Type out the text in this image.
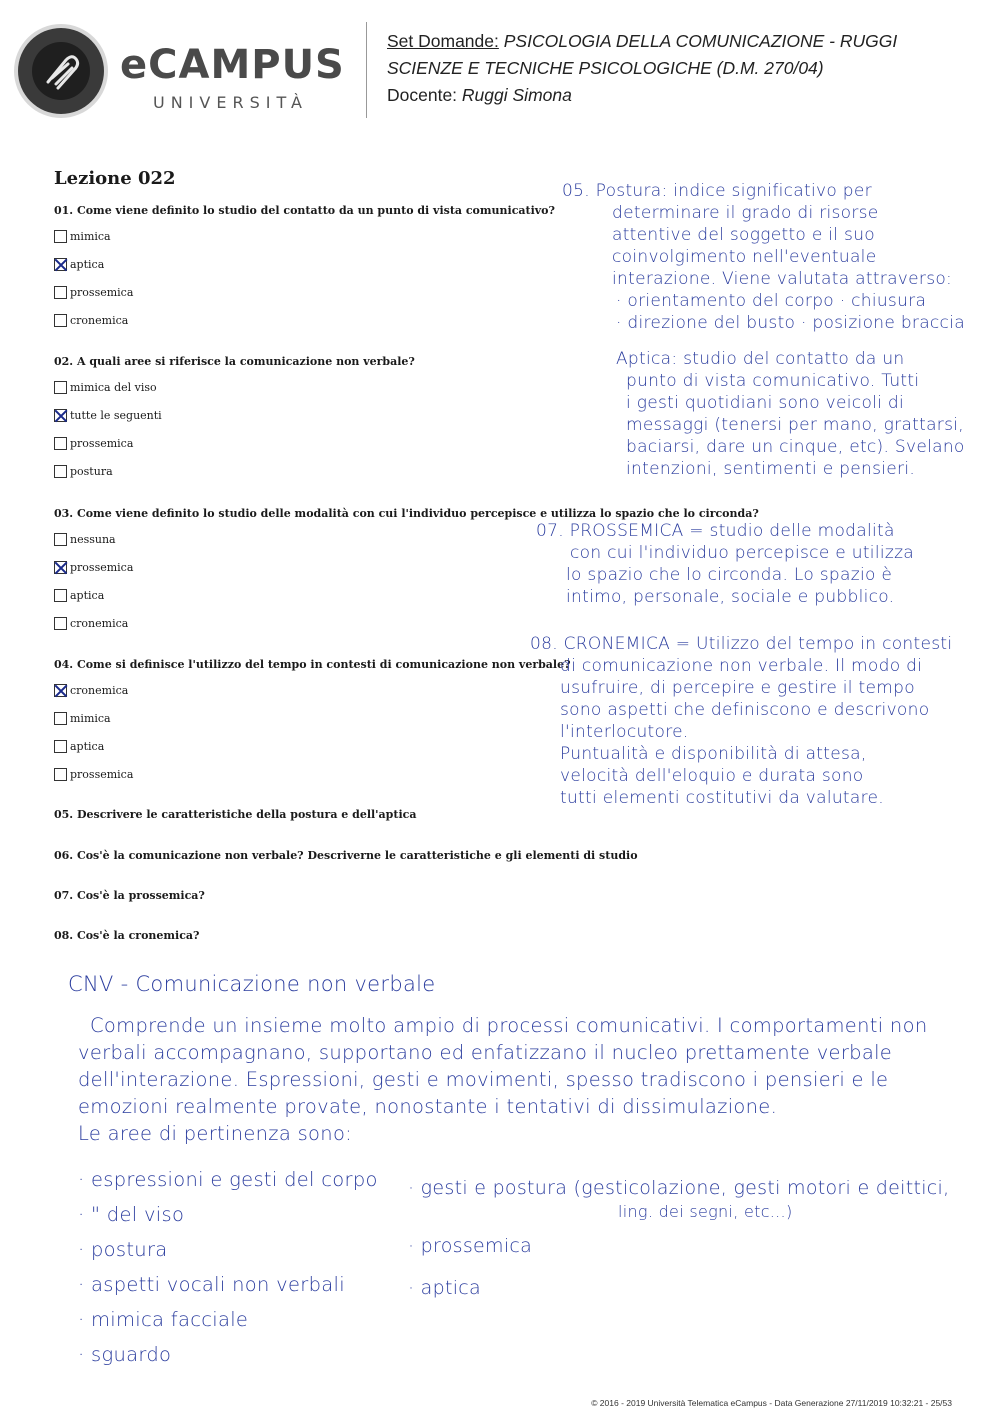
eCAMPUS
UNIVERSITÀ
Set Domande: PSICOLOGIA DELLA COMUNICAZIONE - RUGGI
SCIENZE E TECNICHE PSICOLOGICHE (D.M. 270/04)
Docente: Ruggi Simona
Lezione 022
01. Come viene definito lo studio del contatto da un punto di vista comunicativo?
mimica
aptica
prossemica
cronemica
02. A quali aree si riferisce la comunicazione non verbale?
mimica del viso
tutte le seguenti
prossemica
postura
03. Come viene definito lo studio delle modalità con cui l'individuo percepisce e utilizza lo spazio che lo circonda?
nessuna
prossemica
aptica
cronemica
04. Come si definisce l'utilizzo del tempo in contesti di comunicazione non verbale?
cronemica
mimica
aptica
prossemica
05. Descrivere le caratteristiche della postura e dell'aptica
06. Cos'è la comunicazione non verbale? Descriverne le caratteristiche e gli elementi di studio
07. Cos'è la prossemica?
08. Cos'è la cronemica?
05. Postura: indice significativo per
determinare il grado di risorse
attentive del soggetto e il suo
coinvolgimento nell'eventuale
interazione. Viene valutata attraverso:
· orientamento del corpo · chiusura
· direzione del busto · posizione braccia
Aptica: studio del contatto da un
punto di vista comunicativo. Tutti
i gesti quotidiani sono veicoli di
messaggi (tenersi per mano, grattarsi,
baciarsi, dare un cinque, etc). Svelano
intenzioni, sentimenti e pensieri.
07. PROSSEMICA = studio delle modalità
con cui l'individuo percepisce e utilizza
lo spazio che lo circonda. Lo spazio è
intimo, personale, sociale e pubblico.
08. CRONEMICA = Utilizzo del tempo in contesti
di comunicazione non verbale. Il modo di
usufruire, di percepire e gestire il tempo
sono aspetti che definiscono e descrivono
l'interlocutore.
Puntualità e disponibilità di attesa,
velocità dell'eloquio e durata sono
tutti elementi costitutivi da valutare.
CNV - Comunicazione non verbale
Comprende un insieme molto ampio di processi comunicativi. I comportamenti non
verbali accompagnano, supportano ed enfatizzano il nucleo prettamente verbale
dell'interazione. Espressioni, gesti e movimenti, spesso tradiscono i pensieri e le
emozioni realmente provate, nonostante i tentativi di dissimulazione.
Le aree di pertinenza sono:
· espressioni e gesti del corpo
· " del viso
· postura
· aspetti vocali non verbali
· mimica facciale
· sguardo
· gesti e postura (gesticolazione, gesti motori e deittici,
ling. dei segni, etc...)
· prossemica
· aptica
© 2016 - 2019 Università Telematica eCampus - Data Generazione 27/11/2019 10:32:21 - 25/53
